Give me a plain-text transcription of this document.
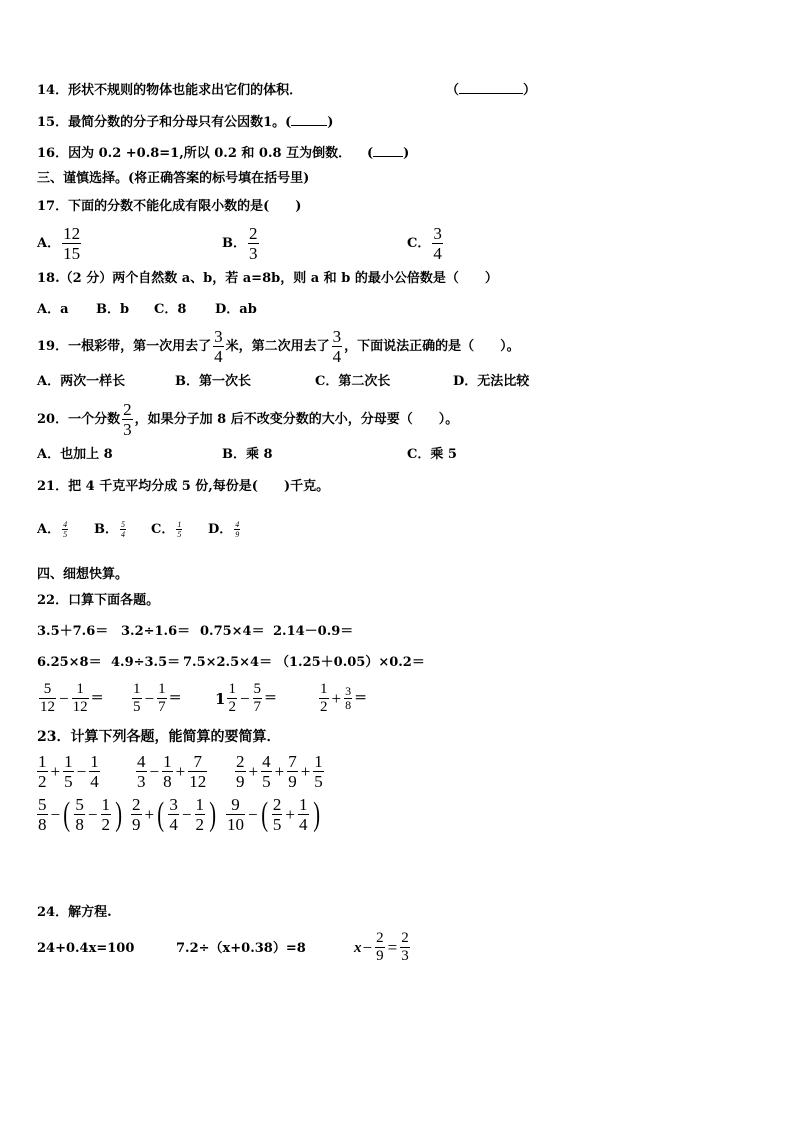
14．形状不规则的物体也能求出它们的体积．	（	）
15．最简分数的分子和分母只有公因数1。(	)
16．因为 0.2 +0.8=1,所以 0.2 和 0.8 互为倒数． ( )
三、谨慎选择。(将正确答案的标号填在括号里)
17．下面的分数不能化成有限小数的是(　　)
A． $\frac{12}{15}$	B． $\frac{2}{3}$	C． $\frac{3}{4}$
18.（2 分）两个自然数 a、b，若 a=8b，则 a 和 b 的最小公倍数是（　　）
A．a B．b C．8 D．ab
19．一根彩带，第一次用去了 $\frac{3}{4}$ 米，第二次用去了 $\frac{3}{4}$ ，下面说法正确的是（　　）。
A．两次一样长	B．第一次长	C．第二次长	D．无法比较
20．一个分数 $\frac{2}{3}$ ，如果分子加 8 后不改变分数的大小，分母要（　　）。
A．也加上 8	B．乘 8	C．乘 5
21．把 4 千克平均分成 5 份,每份是(　　)千克。
A． $\frac{4}{5}$ B． $\frac{5}{4}$ C． $\frac{1}{5}$ D． $\frac{4}{9}$
四、细想快算。
22．口算下面各题。
3.5＋7.6＝ 3.2÷1.6＝ 0.75×4＝ 2.14－0.9＝
6.25×8＝ 4.9÷3.5＝ 7.5×2.5×4＝ （1.25＋0.05）×0.2＝
$\frac{5}{12} - \frac{1}{12} = \frac{1}{5} - \frac{1}{7} = 1 \frac{1}{2} - \frac{5}{7}$ ＝	$\frac{1}{2} + \frac{3}{8}$ ＝
23．计算下列各题，能简算的要简算．
$\frac{1}{2} + \frac{1}{5} - \frac{1}{4} \frac{4}{3} - \frac{1}{8} + \frac{7}{12} \frac{2}{9} + \frac{4}{5} + \frac{7}{9} + \frac{1}{5}$
$\frac{5}{8}$ − ( $\frac{5}{8} - \frac{1}{2}$ ) $\frac{2}{9}$ + ( $\frac{3}{4} - \frac{1}{2}$ ) $\frac{9}{10}$ − ( $\frac{2}{5} + \frac{1}{4}$ )
24．解方程.
24+0.4x=100	7.2÷（x+0.38）=8	$x - \frac{2}{9} = \frac{2}{3}$
